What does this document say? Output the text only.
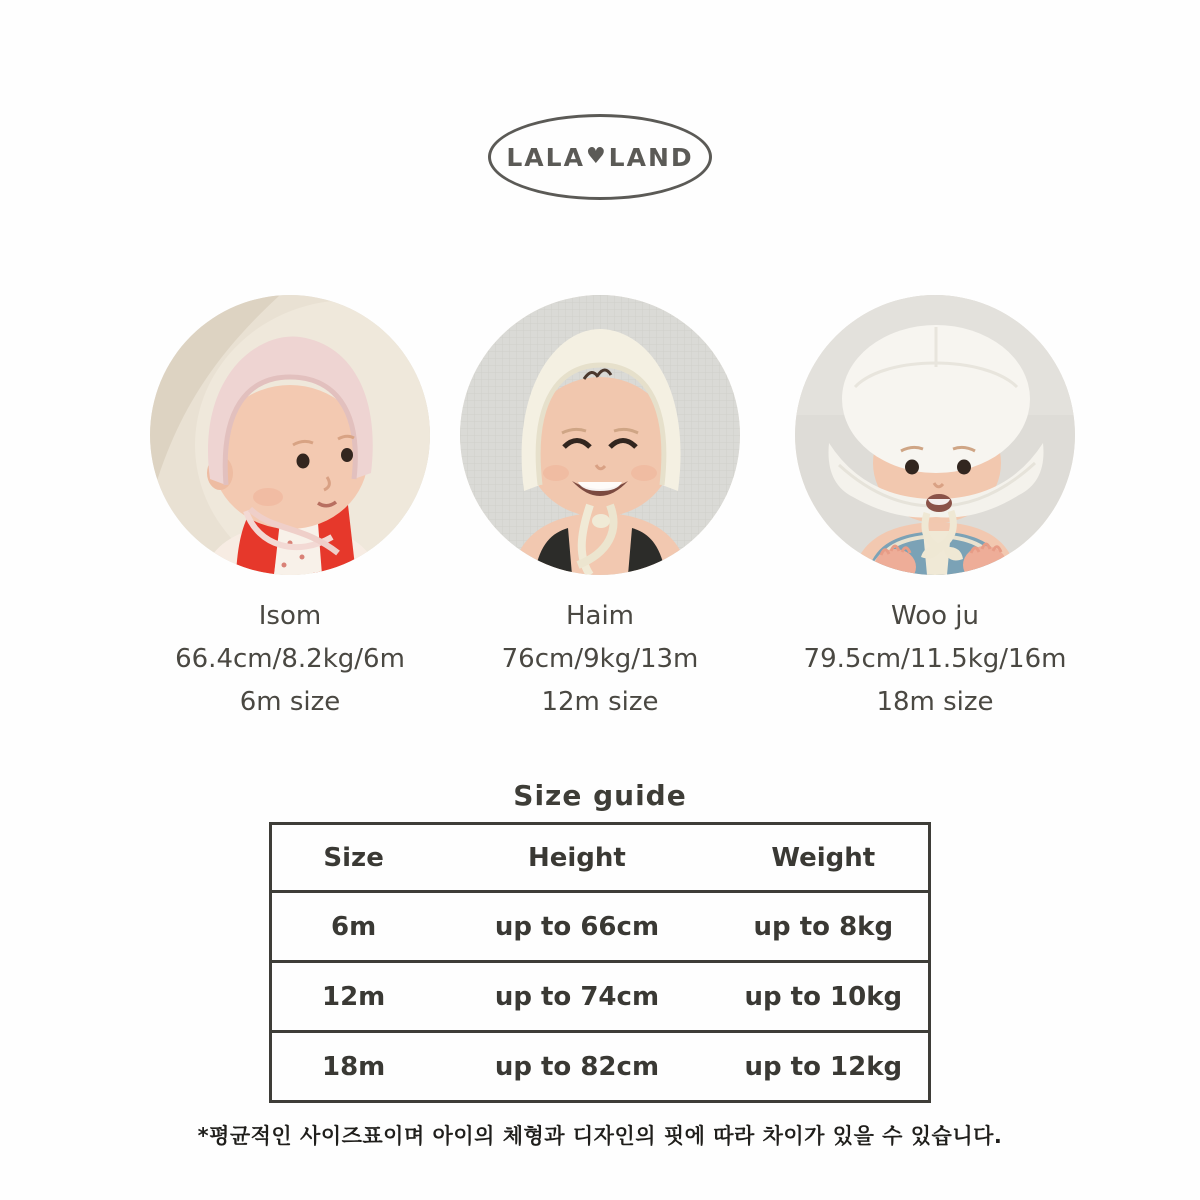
LALA ♥ LAND
Isom
66.4cm/8.2kg/6m
6m size
Haim
76cm/9kg/13m
12m size
Woo ju
79.5cm/11.5kg/16m
18m size
Size guide
Size	Height	Weight
6m	up to 66cm	up to 8kg
12m	up to 74cm	up to 10kg
18m	up to 82cm	up to 12kg
*평균적인 사이즈표이며 아이의 체형과 디자인의 핏에 따라 차이가 있을 수 있습니다.
